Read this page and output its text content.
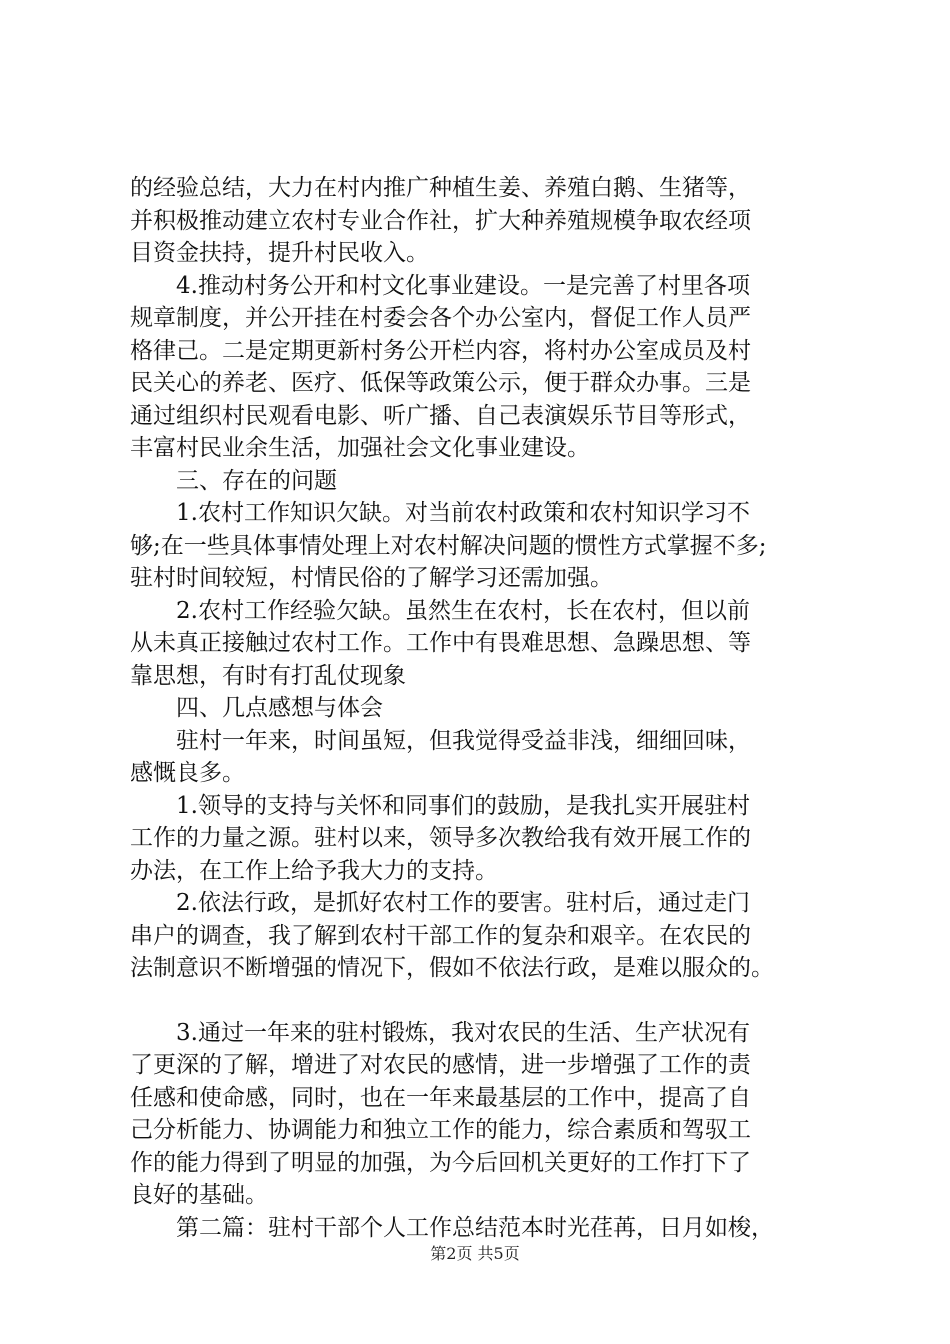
的经验总结，大力在村内推广种植生姜、养殖白鹅、生猪等，
并积极推动建立农村专业合作社，扩大种养殖规模争取农经项
目资金扶持，提升村民收入。
4.推动村务公开和村文化事业建设。一是完善了村里各项
规章制度，并公开挂在村委会各个办公室内，督促工作人员严
格律己。二是定期更新村务公开栏内容，将村办公室成员及村
民关心的养老、医疗、低保等政策公示，便于群众办事。三是
通过组织村民观看电影、听广播、自己表演娱乐节目等形式，
丰富村民业余生活，加强社会文化事业建设。
三、存在的问题
1.农村工作知识欠缺。对当前农村政策和农村知识学习不
够;在一些具体事情处理上对农村解决问题的惯性方式掌握不多;
驻村时间较短，村情民俗的了解学习还需加强。
2.农村工作经验欠缺。虽然生在农村，长在农村，但以前
从未真正接触过农村工作。工作中有畏难思想、急躁思想、等
靠思想，有时有打乱仗现象
四、几点感想与体会
驻村一年来，时间虽短，但我觉得受益非浅，细细回味，
感慨良多。
1.领导的支持与关怀和同事们的鼓励，是我扎实开展驻村
工作的力量之源。驻村以来，领导多次教给我有效开展工作的
办法，在工作上给予我大力的支持。
2.依法行政，是抓好农村工作的要害。驻村后，通过走门
串户的调查，我了解到农村干部工作的复杂和艰辛。在农民的
法制意识不断增强的情况下，假如不依法行政，是难以服众的。
3.通过一年来的驻村锻炼，我对农民的生活、生产状况有
了更深的了解，增进了对农民的感情，进一步增强了工作的责
任感和使命感，同时，也在一年来最基层的工作中，提高了自
己分析能力、协调能力和独立工作的能力，综合素质和驾驭工
作的能力得到了明显的加强，为今后回机关更好的工作打下了
良好的基础。
第二篇：驻村干部个人工作总结范本时光荏苒，日月如梭，
第2页 共5页
